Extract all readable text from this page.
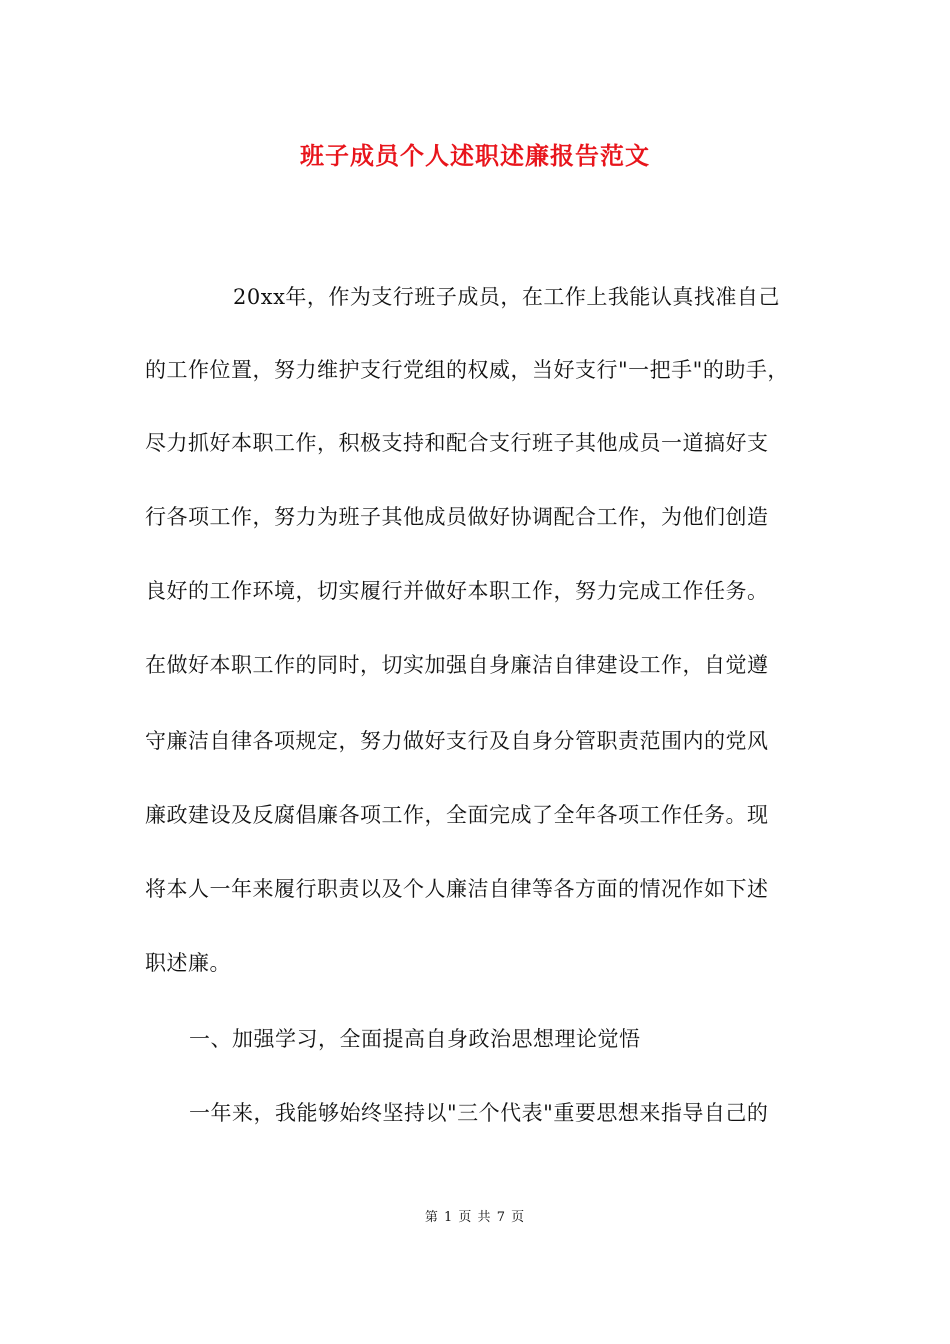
班子成员个人述职述廉报告范文
20xx年，作为支行班子成员，在工作上我能认真找准自己
的工作位置，努力维护支行党组的权威，当好支行"一把手"的助手，
尽力抓好本职工作，积极支持和配合支行班子其他成员一道搞好支
行各项工作，努力为班子其他成员做好协调配合工作，为他们创造
良好的工作环境，切实履行并做好本职工作，努力完成工作任务。
在做好本职工作的同时，切实加强自身廉洁自律建设工作，自觉遵
守廉洁自律各项规定，努力做好支行及自身分管职责范围内的党风
廉政建设及反腐倡廉各项工作，全面完成了全年各项工作任务。现
将本人一年来履行职责以及个人廉洁自律等各方面的情况作如下述
职述廉。
一、加强学习，全面提高自身政治思想理论觉悟
一年来，我能够始终坚持以"三个代表"重要思想来指导自己的
第 1 页 共 7 页
